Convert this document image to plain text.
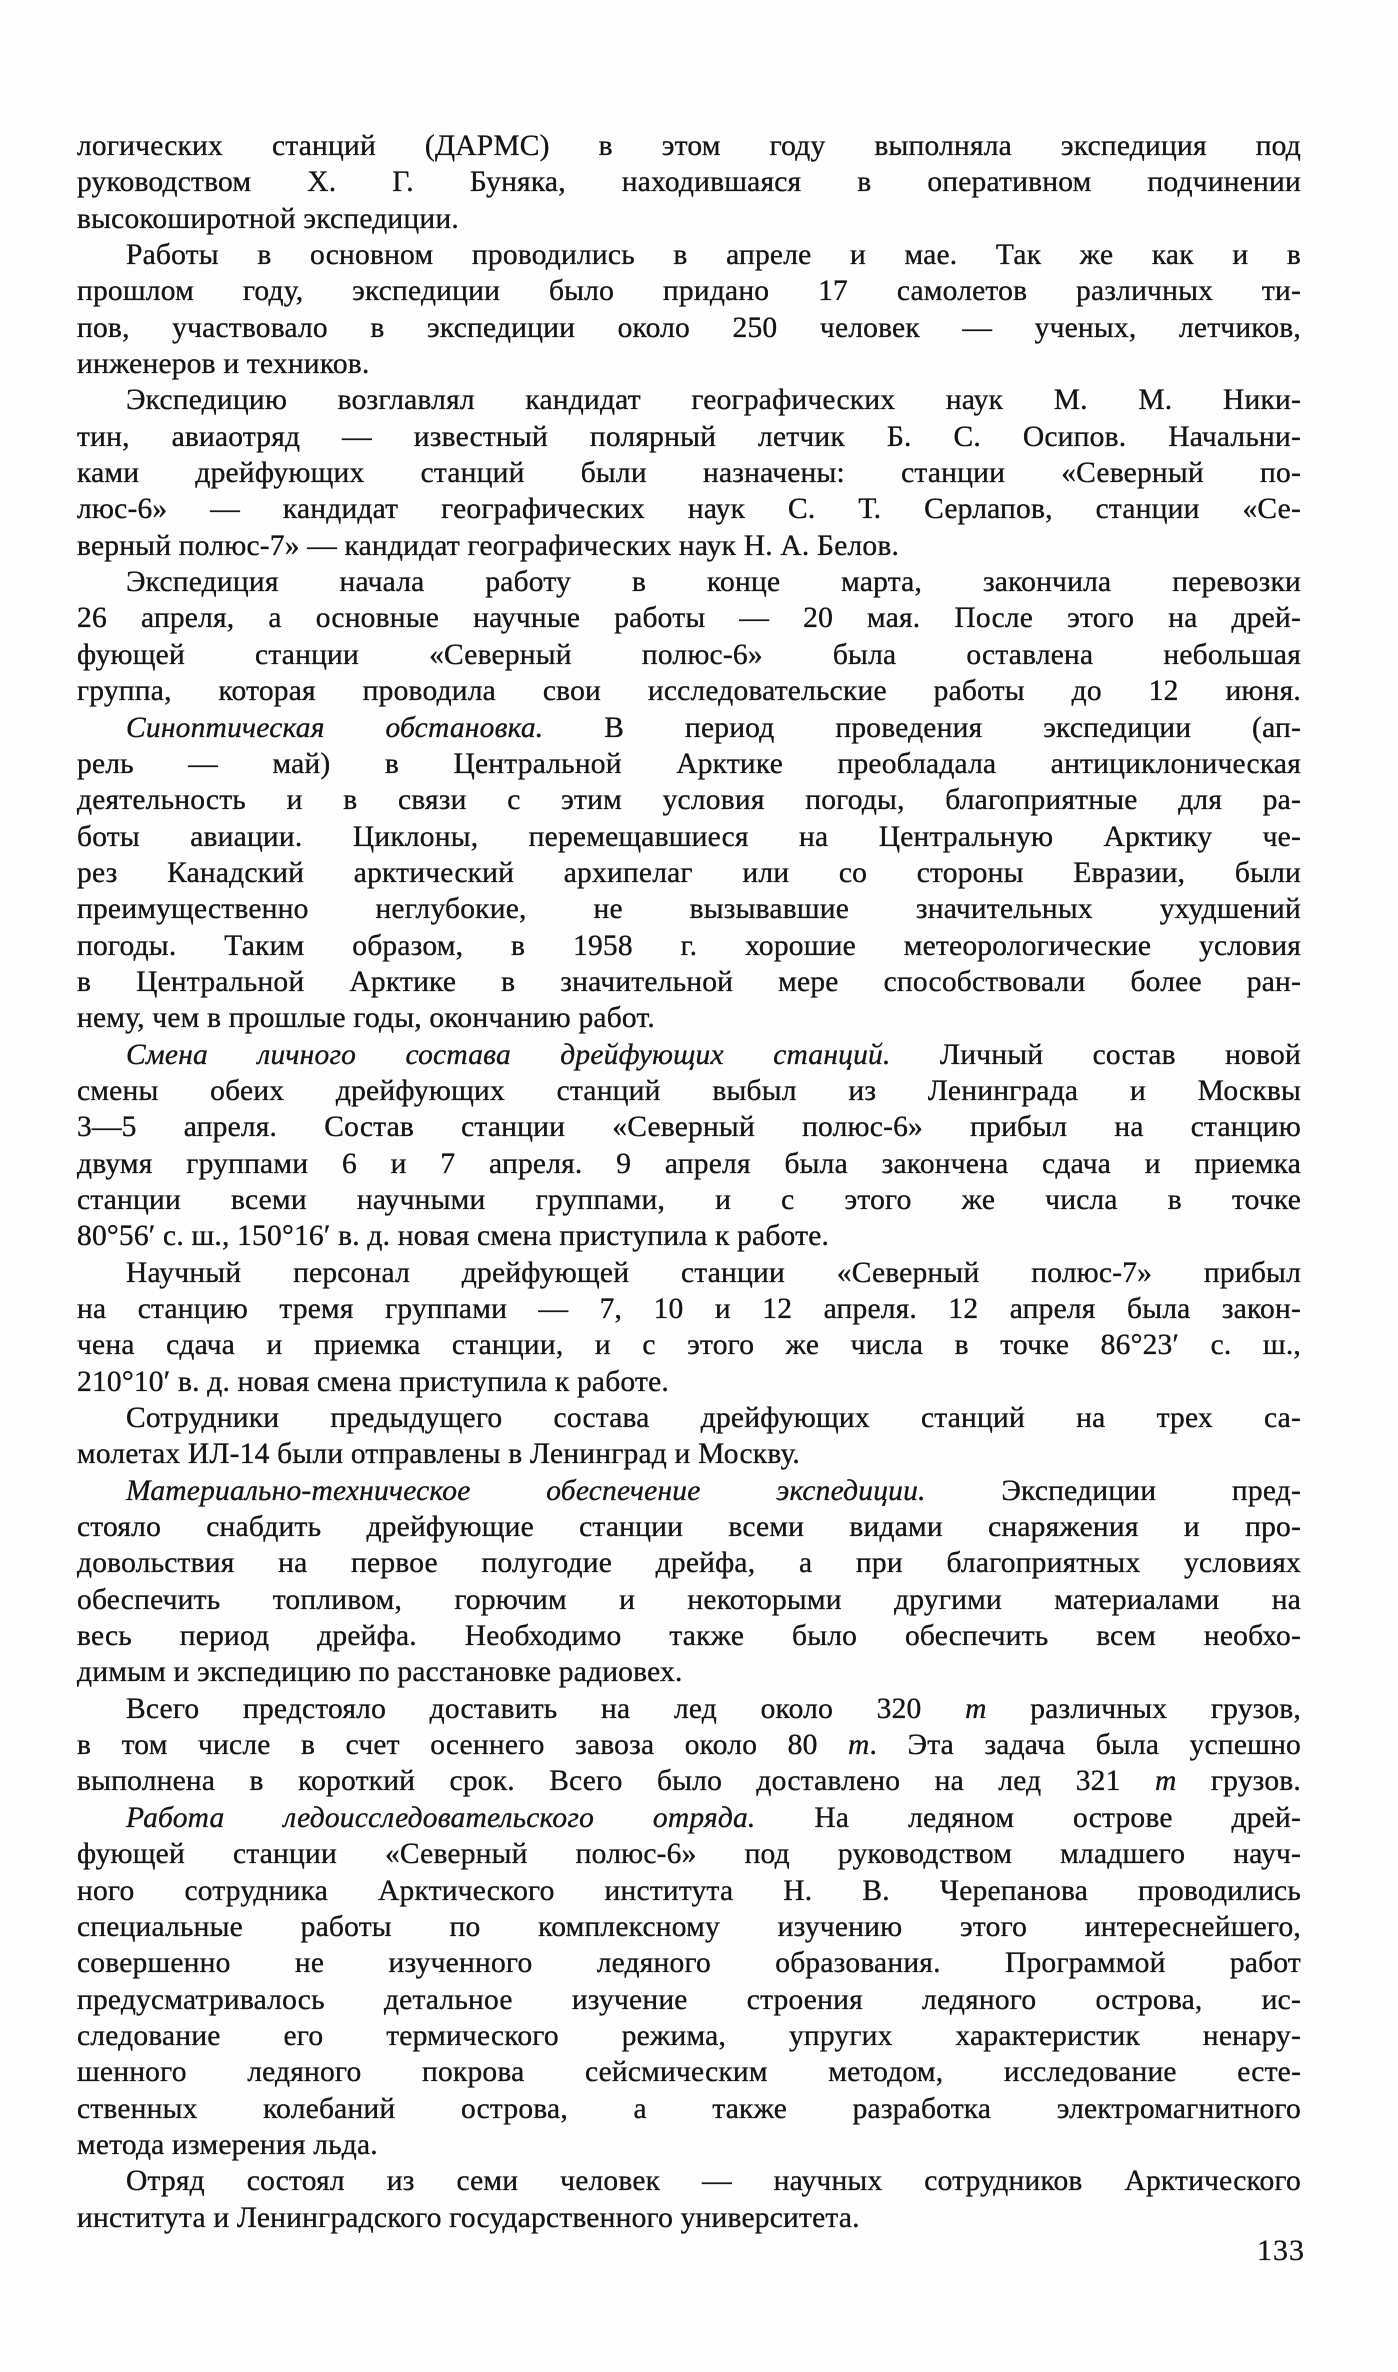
логических станций (ДАРМС) в этом году выполняла экспедиция под
руководством X. Г. Буняка, находившаяся в оперативном подчинении
высокоширотной экспедиции.
Работы в основном проводились в апреле и мае. Так же как и в
прошлом году, экспедиции было придано 17 самолетов различных ти-
пов, участвовало в экспедиции около 250 человек — ученых, летчиков,
инженеров и техников.
Экспедицию возглавлял кандидат географических наук М. М. Ники-
тин, авиаотряд — известный полярный летчик Б. С. Осипов. Начальни-
ками дрейфующих станций были назначены: станции «Северный по-
люс-6» — кандидат географических наук С. Т. Серлапов, станции «Се-
верный полюс-7» — кандидат географических наук Н. А. Белов.
Экспедиция начала работу в конце марта, закончила перевозки
26 апреля, а основные научные работы — 20 мая. После этого на дрей-
фующей станции «Северный полюс-6» была оставлена небольшая
группа, которая проводила свои исследовательские работы до 12 июня.
Синоптическая обстановка. В период проведения экспедиции (ап-
рель — май) в Центральной Арктике преобладала антициклоническая
деятельность и в связи с этим условия погоды, благоприятные для ра-
боты авиации. Циклоны, перемещавшиеся на Центральную Арктику че-
рез Канадский арктический архипелаг или со стороны Евразии, были
преимущественно неглубокие, не вызывавшие значительных ухудшений
погоды. Таким образом, в 1958 г. хорошие метеорологические условия
в Центральной Арктике в значительной мере способствовали более ран-
нему, чем в прошлые годы, окончанию работ.
Смена личного состава дрейфующих станций. Личный состав новой
смены обеих дрейфующих станций выбыл из Ленинграда и Москвы
3—5 апреля. Состав станции «Северный полюс-6» прибыл на станцию
двумя группами 6 и 7 апреля. 9 апреля была закончена сдача и приемка
станции всеми научными группами, и с этого же числа в точке
80°56′ с. ш., 150°16′ в. д. новая смена приступила к работе.
Научный персонал дрейфующей станции «Северный полюс-7» прибыл
на станцию тремя группами — 7, 10 и 12 апреля. 12 апреля была закон-
чена сдача и приемка станции, и с этого же числа в точке 86°23′ с. ш.,
210°10′ в. д. новая смена приступила к работе.
Сотрудники предыдущего состава дрейфующих станций на трех са-
молетах ИЛ-14 были отправлены в Ленинград и Москву.
Материально-техническое обеспечение экспедиции. Экспедиции пред-
стояло снабдить дрейфующие станции всеми видами снаряжения и про-
довольствия на первое полугодие дрейфа, а при благоприятных условиях
обеспечить топливом, горючим и некоторыми другими материалами на
весь период дрейфа. Необходимо также было обеспечить всем необхо-
димым и экспедицию по расстановке радиовех.
Всего предстояло доставить на лед около 320 т различных грузов,
в том числе в счет осеннего завоза около 80 т. Эта задача была успешно
выполнена в короткий срок. Всего было доставлено на лед 321 т грузов.
Работа ледоисследовательского отряда. На ледяном острове дрей-
фующей станции «Северный полюс-6» под руководством младшего науч-
ного сотрудника Арктического института Н. В. Черепанова проводились
специальные работы по комплексному изучению этого интереснейшего,
совершенно не изученного ледяного образования. Программой работ
предусматривалось детальное изучение строения ледяного острова, ис-
следование его термического режима, упругих характеристик ненару-
шенного ледяного покрова сейсмическим методом, исследование есте-
ственных колебаний острова, а также разработка электромагнитного
метода измерения льда.
Отряд состоял из семи человек — научных сотрудников Арктического
института и Ленинградского государственного университета.
133
